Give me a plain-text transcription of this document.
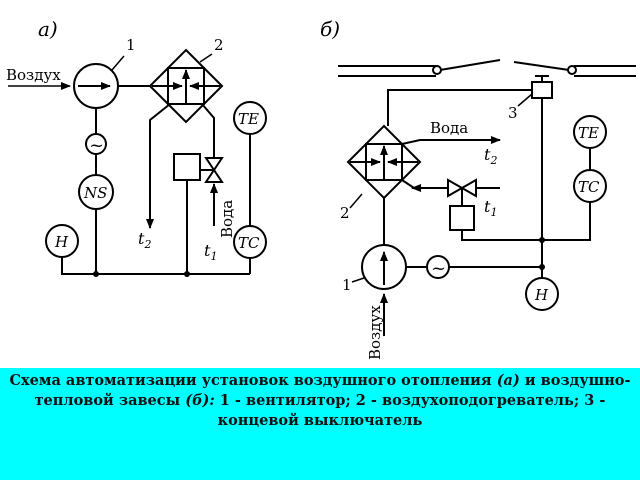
а)
Воздух
1	2
Вода
$t_2$	$t_1$
~
NS
H
TE
TC
б)
3
2
Вода
$t_2$
$t_1$
1
Воздух
~
TE
TC
H

Схема автоматизации установок воздушного отопления (а) и воздушно-тепловой завесы (б): 1 - вентилятор; 2 - воздухоподогреватель; 3 - концевой выключатель
